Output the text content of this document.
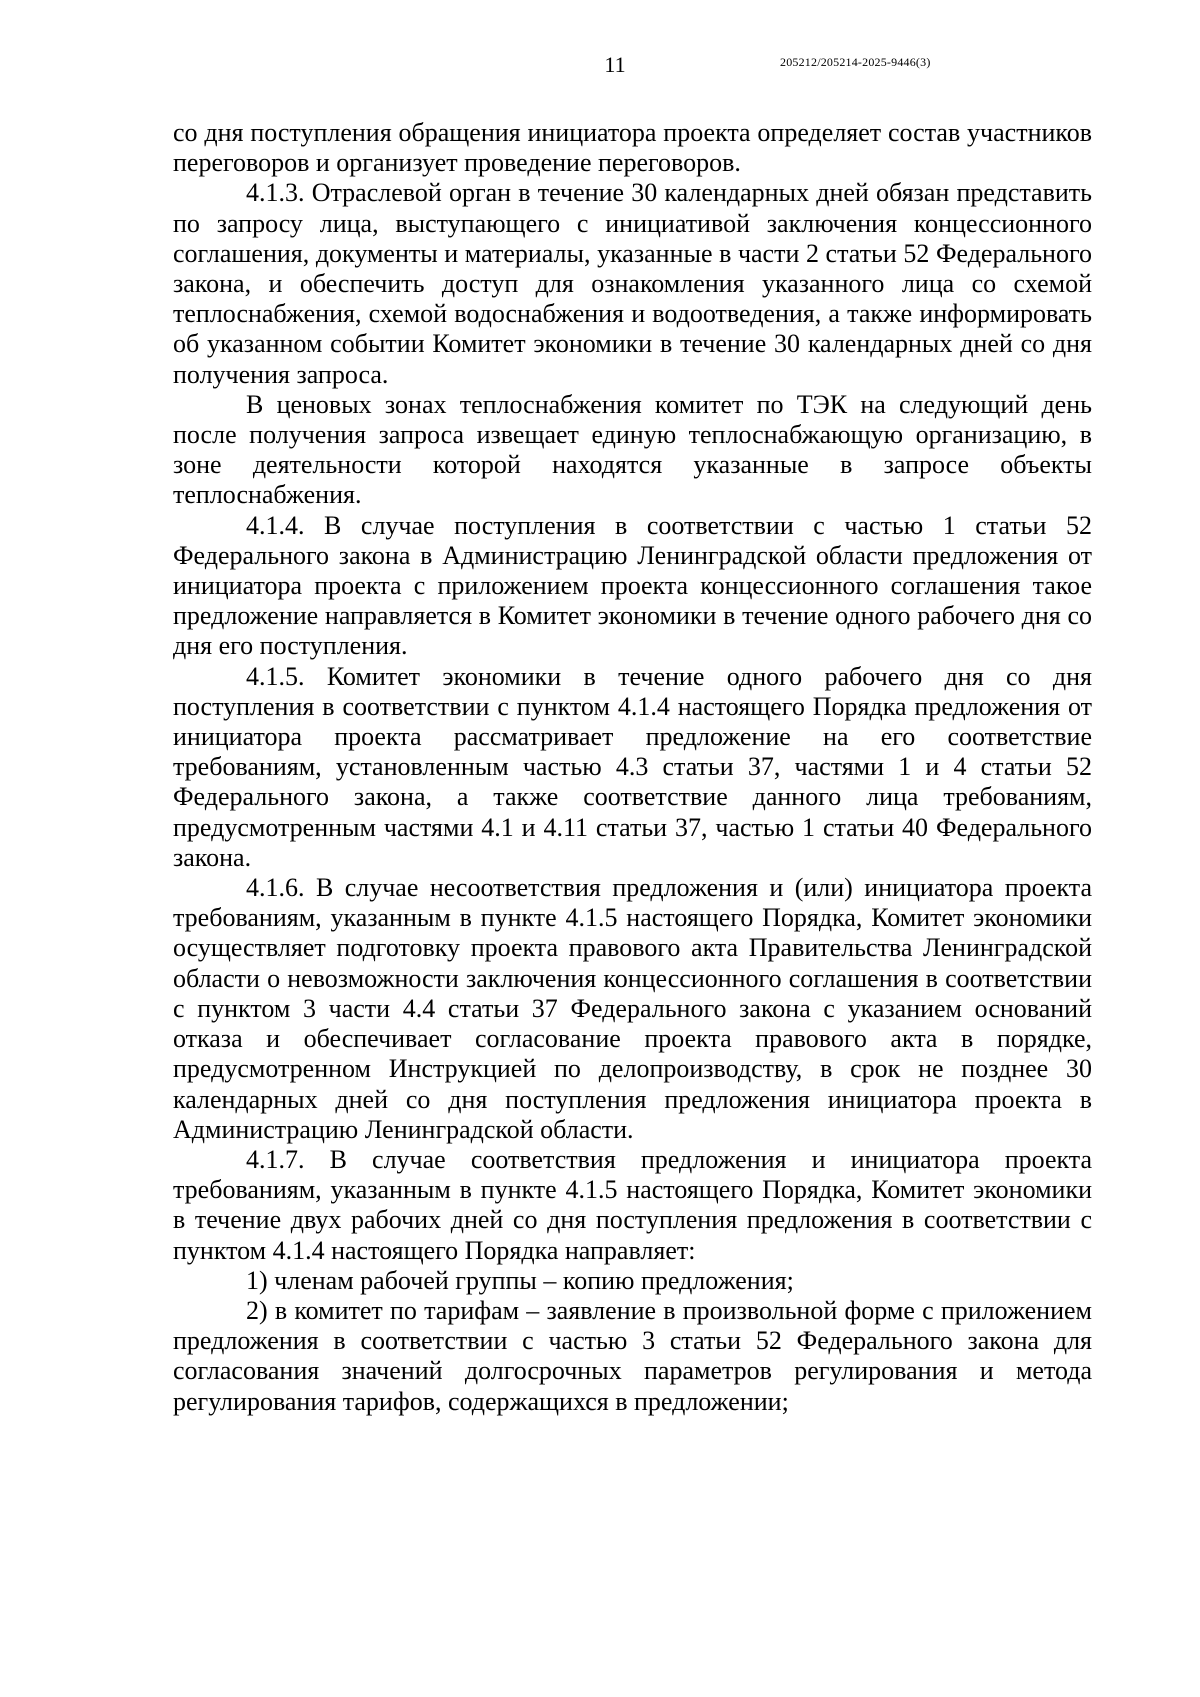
11	205212/205214-2025-9446(3)

со дня поступления обращения инициатора проекта определяет состав участников переговоров и организует проведение переговоров.

4.1.3. Отраслевой орган в течение 30 календарных дней обязан представить по запросу лица, выступающего с инициативой заключения концессионного соглашения, документы и материалы, указанные в части 2 статьи 52 Федерального закона, и обеспечить доступ для ознакомления указанного лица со схемой теплоснабжения, схемой водоснабжения и водоотведения, а также информировать об указанном событии Комитет экономики в течение 30 календарных дней со дня получения запроса.

В ценовых зонах теплоснабжения комитет по ТЭК на следующий день после получения запроса извещает единую теплоснабжающую организацию, в зоне деятельности которой находятся указанные в запросе объекты теплоснабжения.

4.1.4. В случае поступления в соответствии с частью 1 статьи 52 Федерального закона в Администрацию Ленинградской области предложения от инициатора проекта с приложением проекта концессионного соглашения такое предложение направляется в Комитет экономики в течение одного рабочего дня со дня его поступления.

4.1.5. Комитет экономики в течение одного рабочего дня со дня поступления в соответствии с пунктом 4.1.4 настоящего Порядка предложения от инициатора проекта рассматривает предложение на его соответствие требованиям, установленным частью 4.3 статьи 37, частями 1 и 4 статьи 52 Федерального закона, а также соответствие данного лица требованиям, предусмотренным частями 4.1 и 4.11 статьи 37, частью 1 статьи 40 Федерального закона.

4.1.6. В случае несоответствия предложения и (или) инициатора проекта требованиям, указанным в пункте 4.1.5 настоящего Порядка, Комитет экономики осуществляет подготовку проекта правового акта Правительства Ленинградской области о невозможности заключения концессионного соглашения в соответствии с пунктом 3 части 4.4 статьи 37 Федерального закона с указанием оснований отказа и обеспечивает согласование проекта правового акта в порядке, предусмотренном Инструкцией по делопроизводству, в срок не позднее 30 календарных дней со дня поступления предложения инициатора проекта в Администрацию Ленинградской области.

4.1.7. В случае соответствия предложения и инициатора проекта требованиям, указанным в пункте 4.1.5 настоящего Порядка, Комитет экономики в течение двух рабочих дней со дня поступления предложения в соответствии с пунктом 4.1.4 настоящего Порядка направляет:

1) членам рабочей группы – копию предложения;

2) в комитет по тарифам – заявление в произвольной форме с приложением предложения в соответствии с частью 3 статьи 52 Федерального закона для согласования значений долгосрочных параметров регулирования и метода регулирования тарифов, содержащихся в предложении;
